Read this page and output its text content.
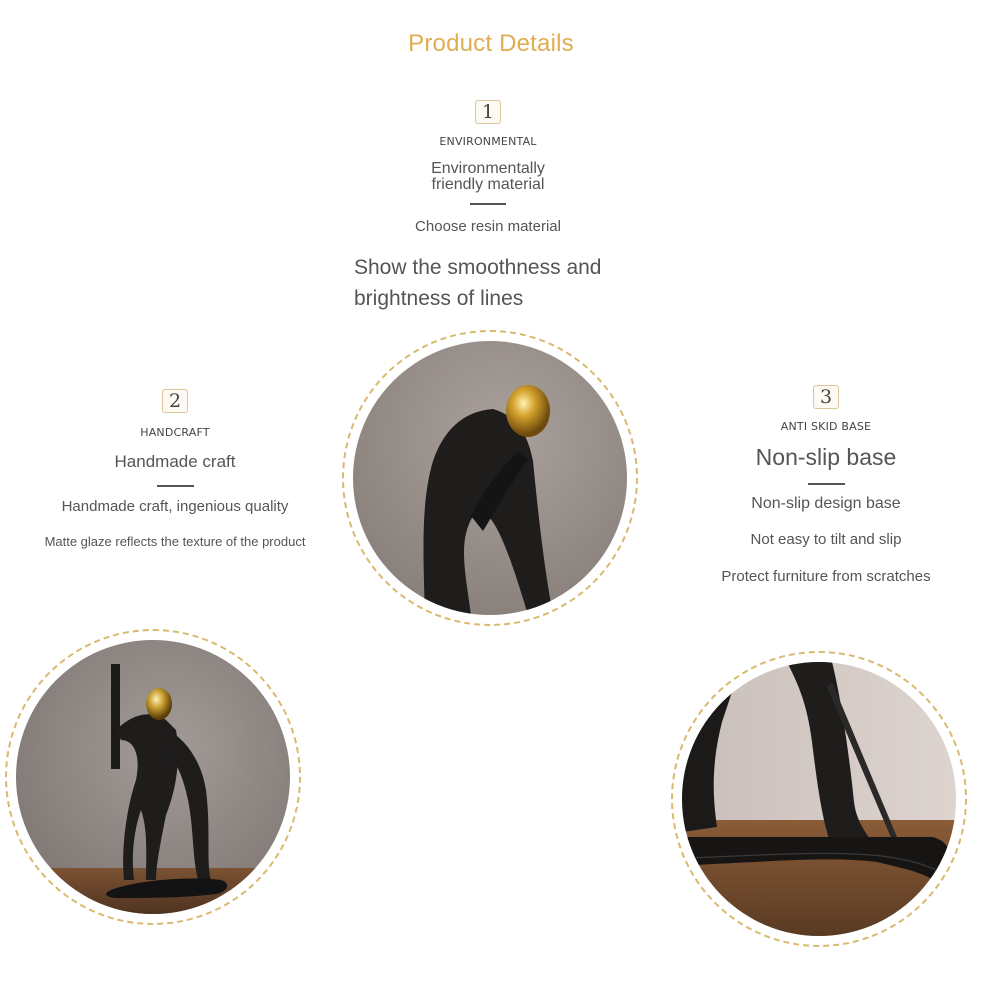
Product Details
1
ENVIRONMENTAL
Environmentally
friendly material
Choose resin material
Show the smoothness and brightness of lines
2
HANDCRAFT
Handmade craft
Handmade craft, ingenious quality
Matte glaze reflects the texture of the product
3
ANTI SKID BASE
Non-slip base
Non-slip design base
Not easy to tilt and slip
Protect furniture from scratches
